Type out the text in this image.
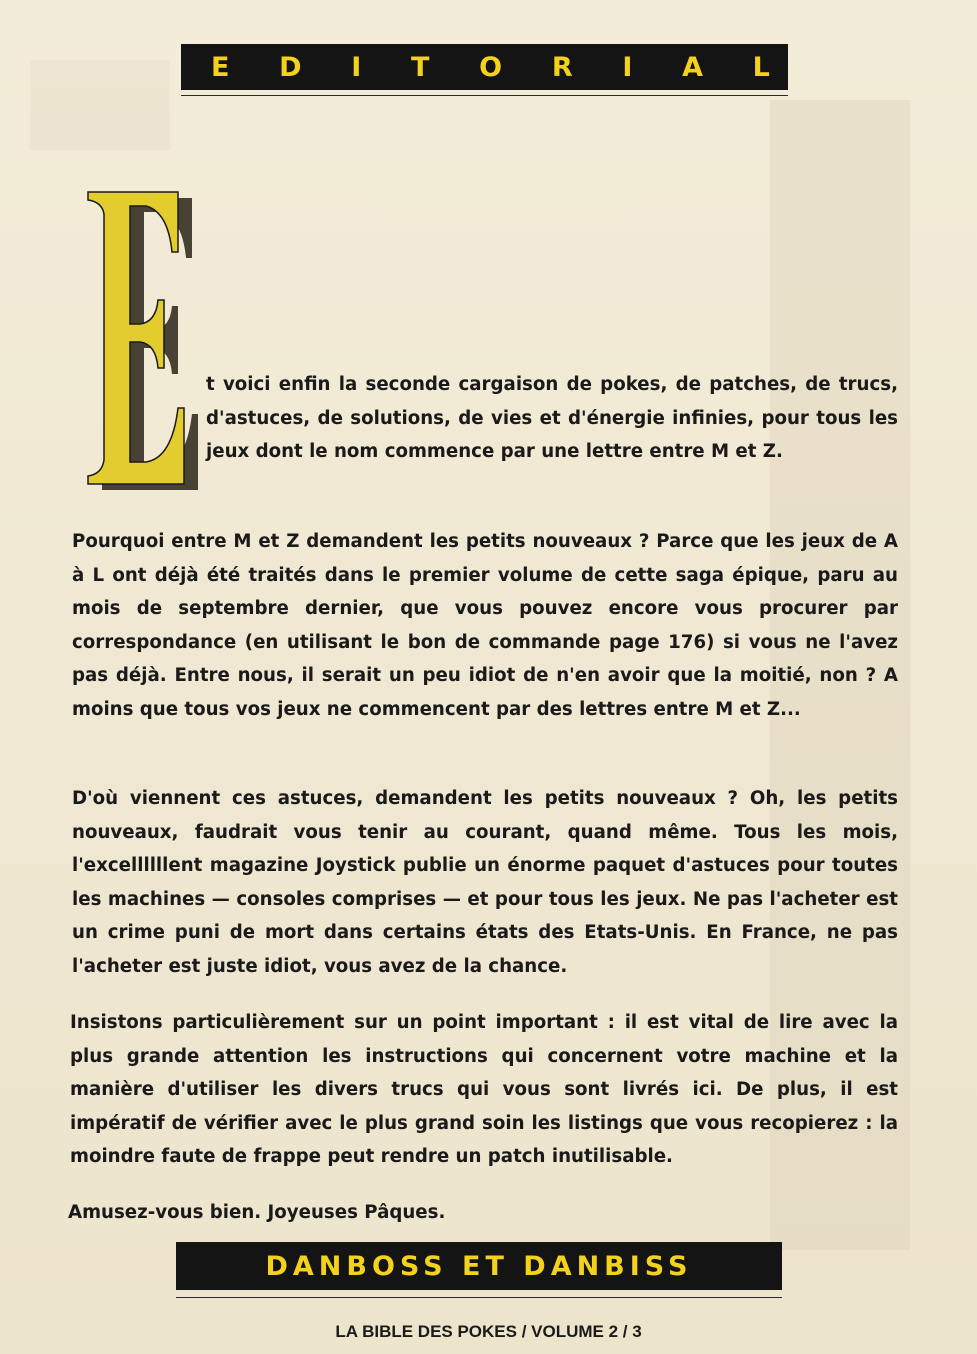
E D I T O R I A L
E

t voici enfin la seconde cargaison de pokes, de patches, de trucs, d'astuces, de solutions, de vies et d'énergie infinies, pour tous les jeux dont le nom commence par une lettre entre M et Z.

Pourquoi entre M et Z demandent les petits nouveaux ? Parce que les jeux de A à L ont déjà été traités dans le premier volume de cette saga épique, paru au mois de septembre dernier, que vous pouvez encore vous procurer par correspondance (en utilisant le bon de commande page 176) si vous ne l'avez pas déjà. Entre nous, il serait un peu idiot de n'en avoir que la moitié, non ? A moins que tous vos jeux ne commencent par des lettres entre M et Z...

D'où viennent ces astuces, demandent les petits nouveaux ? Oh, les petits nouveaux, faudrait vous tenir au courant, quand même. Tous les mois, l'excellllllent magazine Joystick publie un énorme paquet d'astuces pour toutes les machines — consoles comprises — et pour tous les jeux. Ne pas l'acheter est un crime puni de mort dans certains états des Etats-Unis. En France, ne pas l'acheter est juste idiot, vous avez de la chance.

Insistons particulièrement sur un point important : il est vital de lire avec la plus grande attention les instructions qui concernent votre machine et la manière d'utiliser les divers trucs qui vous sont livrés ici. De plus, il est impératif de vérifier avec le plus grand soin les listings que vous recopierez : la moindre faute de frappe peut rendre un patch inutilisable.

Amusez-vous bien. Joyeuses Pâques.

DANBOSS ET DANBISS
LA BIBLE DES POKES / VOLUME 2 / 3
